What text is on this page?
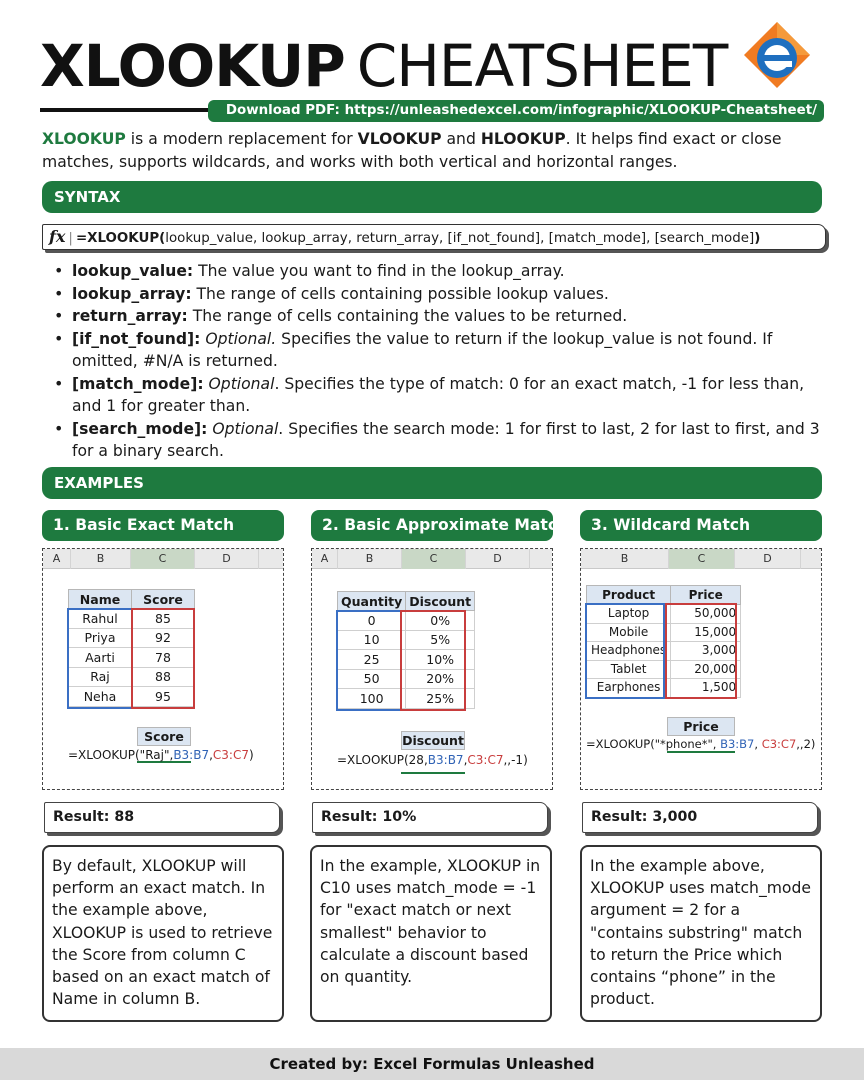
XLOOKUP CHEATSHEET
Download PDF: https://unleashedexcel.com/infographic/XLOOKUP-Cheatsheet/
XLOOKUP is a modern replacement for VLOOKUP and HLOOKUP. It helps find exact or close matches, supports wildcards, and works with both vertical and horizontal ranges.
SYNTAX
fx | =XLOOKUP(lookup_value, lookup_array, return_array, [if_not_found], [match_mode], [search_mode])
• lookup_value: The value you want to find in the lookup_array.
• lookup_array: The range of cells containing possible lookup values.
• return_array: The range of cells containing the values to be returned.
• [if_not_found]: Optional. Specifies the value to return if the lookup_value is not found. If omitted, #N/A is returned.
• [match_mode]: Optional. Specifies the type of match: 0 for an exact match, -1 for less than, and 1 for greater than.
• [search_mode]: Optional. Specifies the search mode: 1 for first to last, 2 for last to first, and 3 for a binary search.
EXAMPLES
1. Basic Exact Match
A	B	C	D
Name	Score
Rahul	85
Priya	92
Aarti	78
Raj	88
Neha	95
Score
=XLOOKUP("Raj",B3:B7,C3:C7)
Result: 88
By default, XLOOKUP will perform an exact match. In the example above, XLOOKUP is used to retrieve the Score from column C based on an exact match of Name in column B.
2. Basic Approximate Match
A	B	C	D
Quantity	Discount
0	0%
10	5%
25	10%
50	20%
100	25%
Discount
=XLOOKUP(28,B3:B7,C3:C7,,-1)
Result: 10%
In the example, XLOOKUP in C10 uses match_mode = -1 for "exact match or next smallest" behavior to calculate a discount based on quantity.
3. Wildcard Match
B	C	D
Product	Price
Laptop	50,000
Mobile	15,000
Headphones	3,000
Tablet	20,000
Earphones	1,500
Price
=XLOOKUP("*phone*", B3:B7, C3:C7,,2)
Result: 3,000
In the example above, XLOOKUP uses match_mode argument = 2 for a "contains substring" match to return the Price which contains “phone” in the product.
Created by: Excel Formulas Unleashed
